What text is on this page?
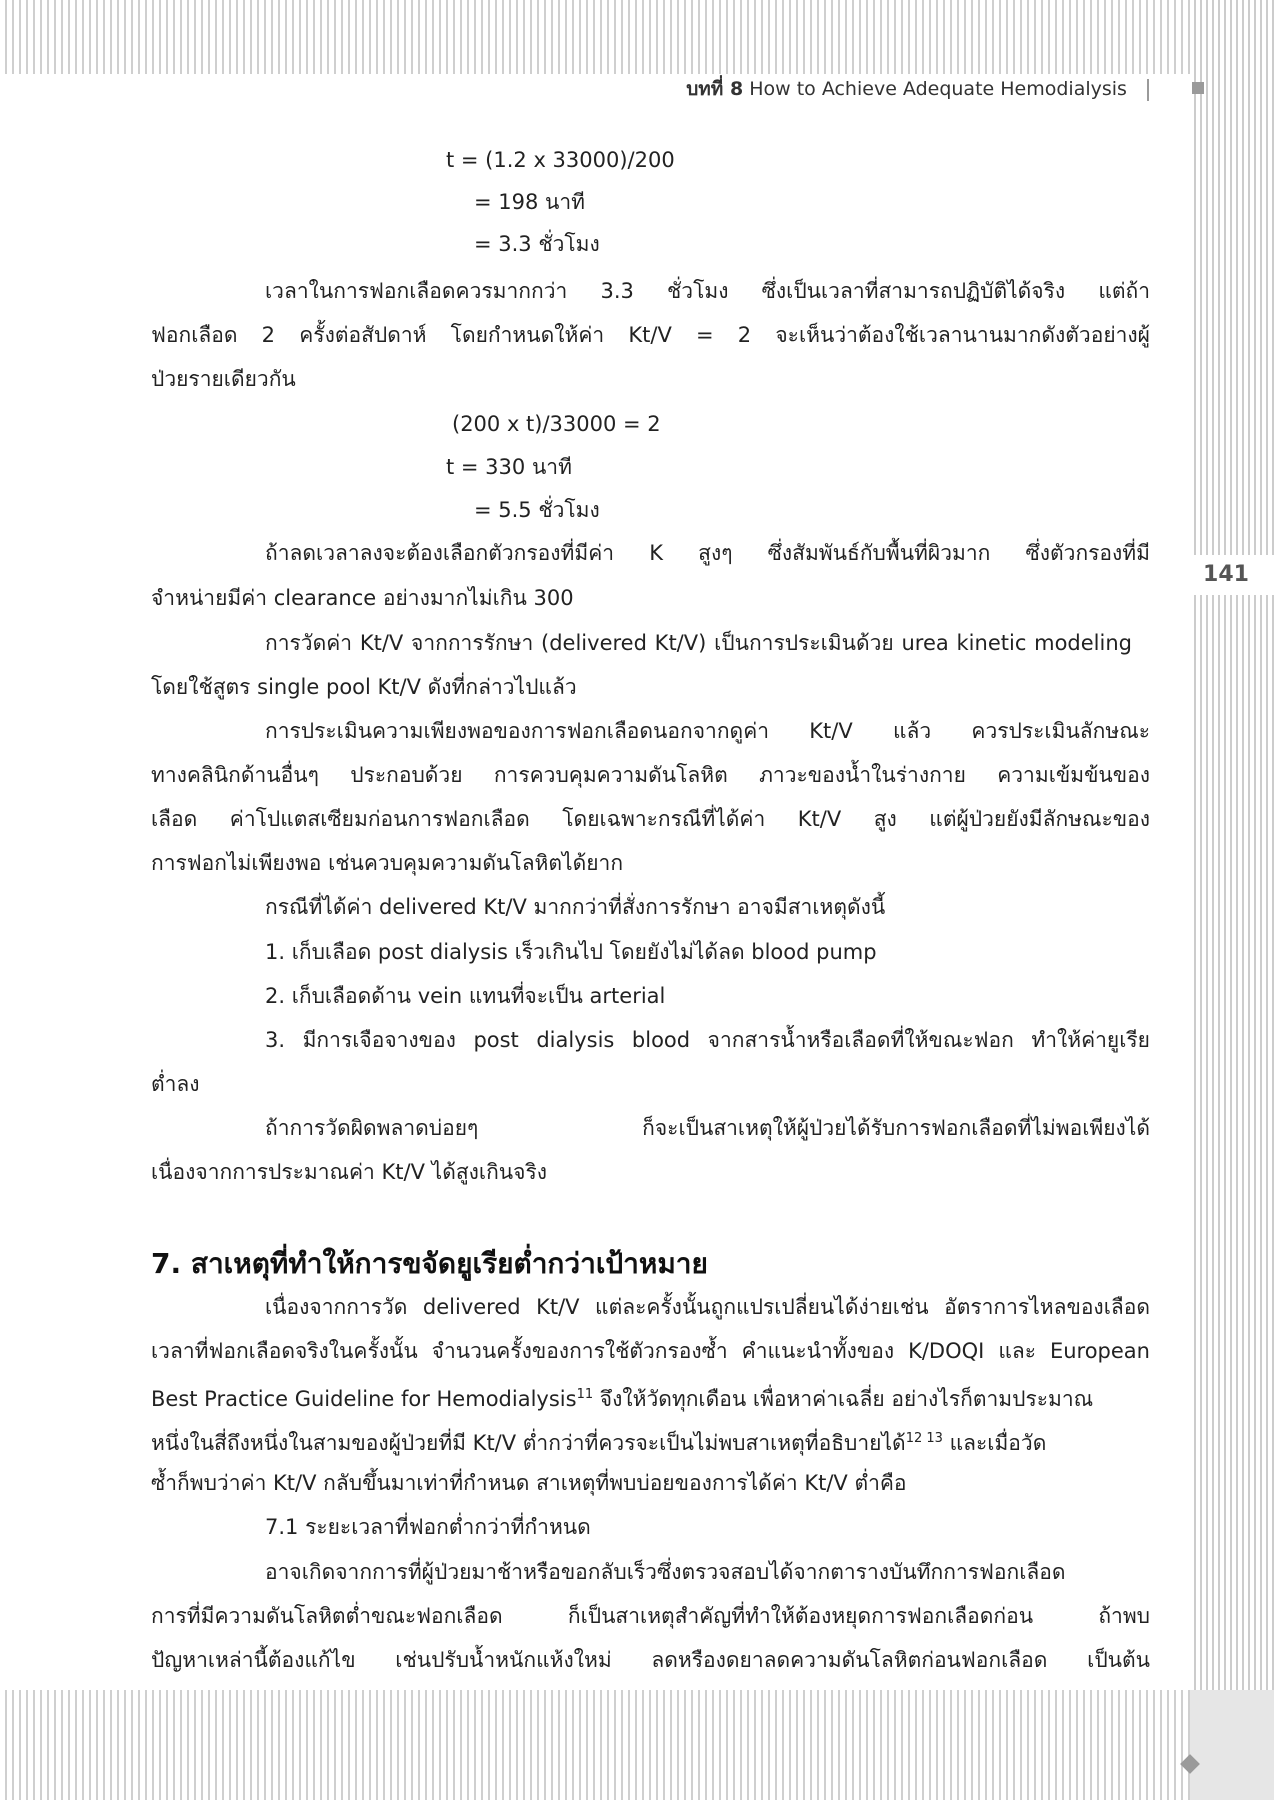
บทที่ 8 How to Achieve Adequate Hemodialysis
141
t = (1.2 x 33000)/200
= 198 นาที
= 3.3 ชั่วโมง
เวลาในการฟอกเลือดควรมากกว่า 3.3 ชั่วโมง ซึ่งเป็นเวลาที่สามารถปฏิบัติได้จริง แต่ถ้า
ฟอกเลือด 2 ครั้งต่อสัปดาห์ โดยกำหนดให้ค่า Kt/V = 2 จะเห็นว่าต้องใช้เวลานานมากดังตัวอย่างผู้
ป่วยรายเดียวกัน
(200 x t)/33000 = 2
t = 330 นาที
= 5.5 ชั่วโมง
ถ้าลดเวลาลงจะต้องเลือกตัวกรองที่มีค่า K สูงๆ ซึ่งสัมพันธ์กับพื้นที่ผิวมาก ซึ่งตัวกรองที่มี
จำหน่ายมีค่า clearance อย่างมากไม่เกิน 300
การวัดค่า Kt/V จากการรักษา (delivered Kt/V) เป็นการประเมินด้วย urea kinetic modeling
โดยใช้สูตร single pool Kt/V ดังที่กล่าวไปแล้ว
การประเมินความเพียงพอของการฟอกเลือดนอกจากดูค่า Kt/V แล้ว ควรประเมินลักษณะ
ทางคลินิกด้านอื่นๆ ประกอบด้วย การควบคุมความดันโลหิต ภาวะของน้ำในร่างกาย ความเข้มข้นของ
เลือด ค่าโปแตสเซียมก่อนการฟอกเลือด โดยเฉพาะกรณีที่ได้ค่า Kt/V สูง แต่ผู้ป่วยยังมีลักษณะของ
การฟอกไม่เพียงพอ เช่นควบคุมความดันโลหิตได้ยาก
กรณีที่ได้ค่า delivered Kt/V มากกว่าที่สั่งการรักษา อาจมีสาเหตุดังนี้
1. เก็บเลือด post dialysis เร็วเกินไป โดยยังไม่ได้ลด blood pump
2. เก็บเลือดด้าน vein แทนที่จะเป็น arterial
3. มีการเจือจางของ post dialysis blood จากสารน้ำหรือเลือดที่ให้ขณะฟอก ทำให้ค่ายูเรีย
ต่ำลง
ถ้าการวัดผิดพลาดบ่อยๆ ก็จะเป็นสาเหตุให้ผู้ป่วยได้รับการฟอกเลือดที่ไม่พอเพียงได้
เนื่องจากการประมาณค่า Kt/V ได้สูงเกินจริง
7. สาเหตุที่ทำให้การขจัดยูเรียต่ำกว่าเป้าหมาย
เนื่องจากการวัด delivered Kt/V แต่ละครั้งนั้นถูกแปรเปลี่ยนได้ง่ายเช่น อัตราการไหลของเลือด
เวลาที่ฟอกเลือดจริงในครั้งนั้น จำนวนครั้งของการใช้ตัวกรองซ้ำ คำแนะนำทั้งของ K/DOQI และ European
Best Practice Guideline for Hemodialysis$^{11}$ จึงให้วัดทุกเดือน เพื่อหาค่าเฉลี่ย อย่างไรก็ตามประมาณ
หนึ่งในสี่ถึงหนึ่งในสามของผู้ป่วยที่มี Kt/V ต่ำกว่าที่ควรจะเป็นไม่พบสาเหตุที่อธิบายได้$^{12 13}$ และเมื่อวัด
ซ้ำก็พบว่าค่า Kt/V กลับขึ้นมาเท่าที่กำหนด สาเหตุที่พบบ่อยของการได้ค่า Kt/V ต่ำคือ
7.1 ระยะเวลาที่ฟอกต่ำกว่าที่กำหนด
อาจเกิดจากการที่ผู้ป่วยมาช้าหรือขอกลับเร็วซึ่งตรวจสอบได้จากตารางบันทึกการฟอกเลือด
การที่มีความดันโลหิตต่ำขณะฟอกเลือด ก็เป็นสาเหตุสำคัญที่ทำให้ต้องหยุดการฟอกเลือดก่อน ถ้าพบ
ปัญหาเหล่านี้ต้องแก้ไข เช่นปรับน้ำหนักแห้งใหม่ ลดหรืองดยาลดความดันโลหิตก่อนฟอกเลือด เป็นต้น
